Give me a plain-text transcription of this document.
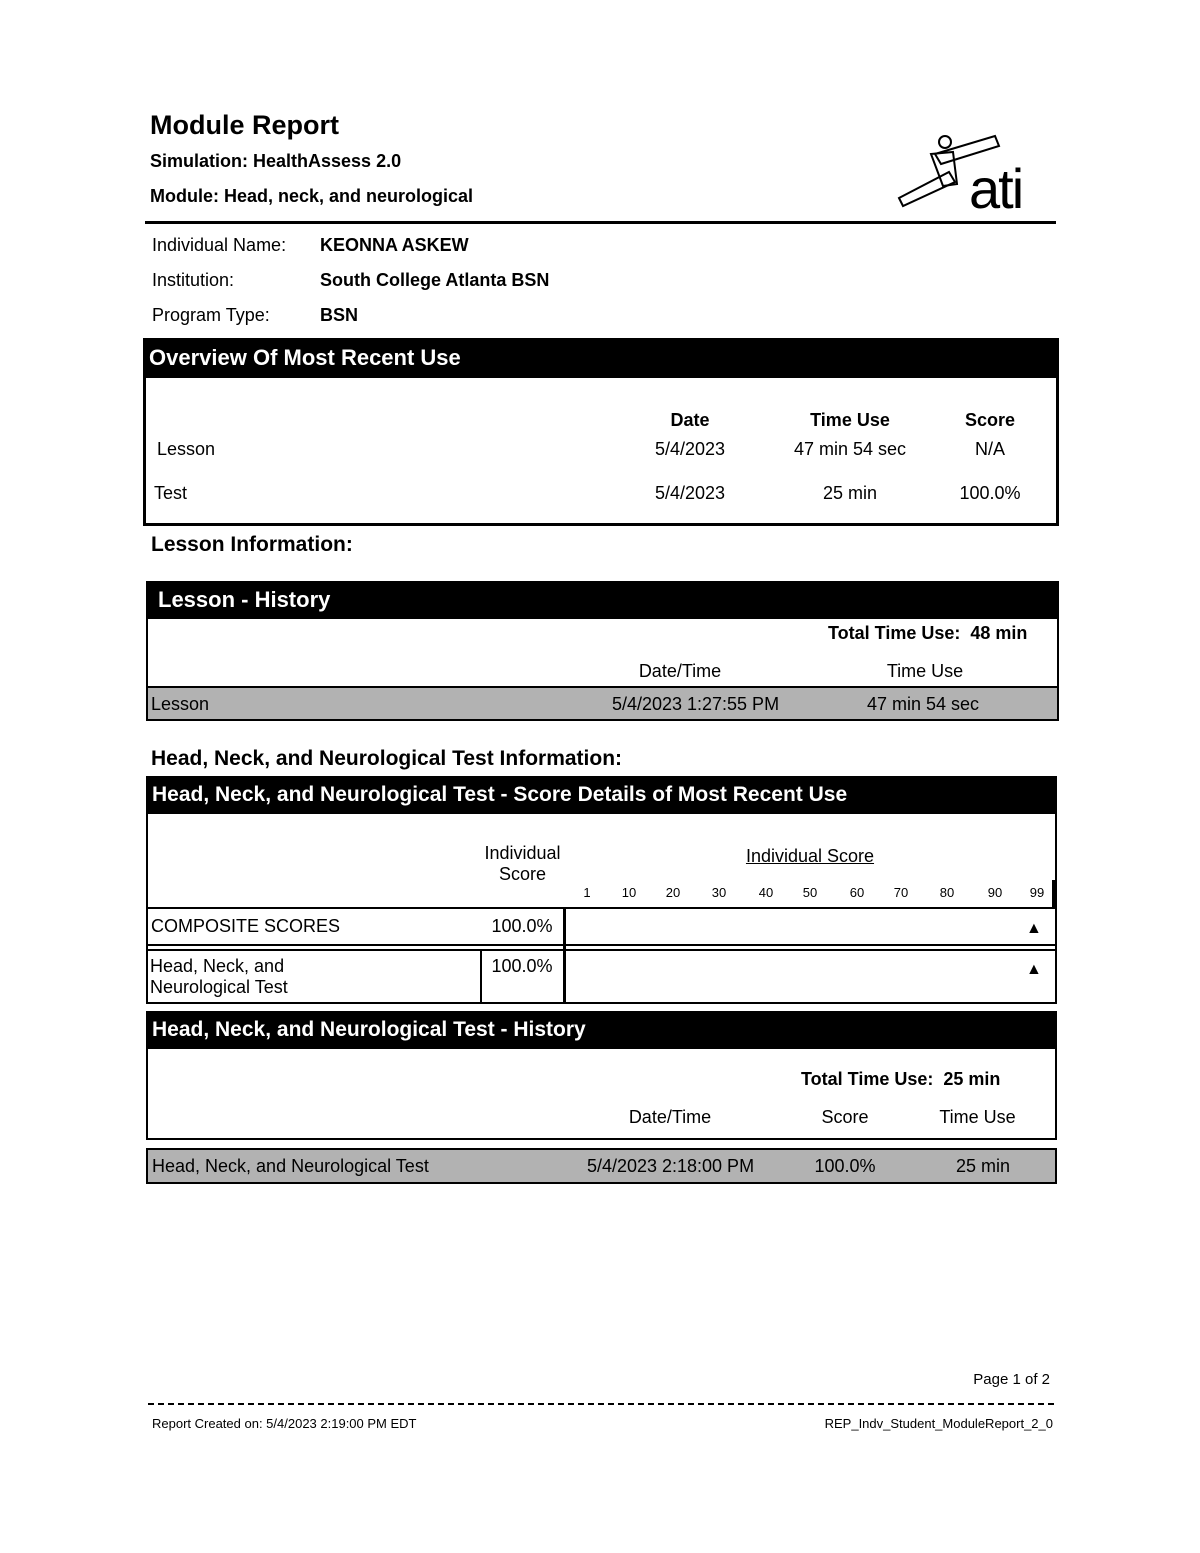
Module Report
Simulation: HealthAssess 2.0
Module: Head, neck, and neurological	ati
Individual Name: KEONNA ASKEW
Institution:	South College Atlanta BSN
Program Type:	BSN
Overview Of Most Recent Use
Date	Time Use	Score
Lesson	5/4/2023	47 min 54 sec	N/A
Test	5/4/2023	25 min	100.0%
Lesson Information:
Lesson - History
Total Time Use: 48 min
Date/Time	Time Use
Lesson	5/4/2023 1:27:55 PM	47 min 54 sec
Head, Neck, and Neurological Test Information:
Head, Neck, and Neurological Test - Score Details of Most Recent Use
Individual
Score
Individual Score
1	10	20	30	40	50	60	70	80	90	99
COMPOSITE SCORES	100.0%	▲
Head, Neck, and
Neurological Test
100.0%	▲
Head, Neck, and Neurological Test - History
Total Time Use: 25 min
Date/Time	Score	Time Use
Head, Neck, and Neurological Test	5/4/2023 2:18:00 PM	100.0%	25 min
Page 1 of 2
Report Created on: 5/4/2023 2:19:00 PM EDT	REP_Indv_Student_ModuleReport_2_0
